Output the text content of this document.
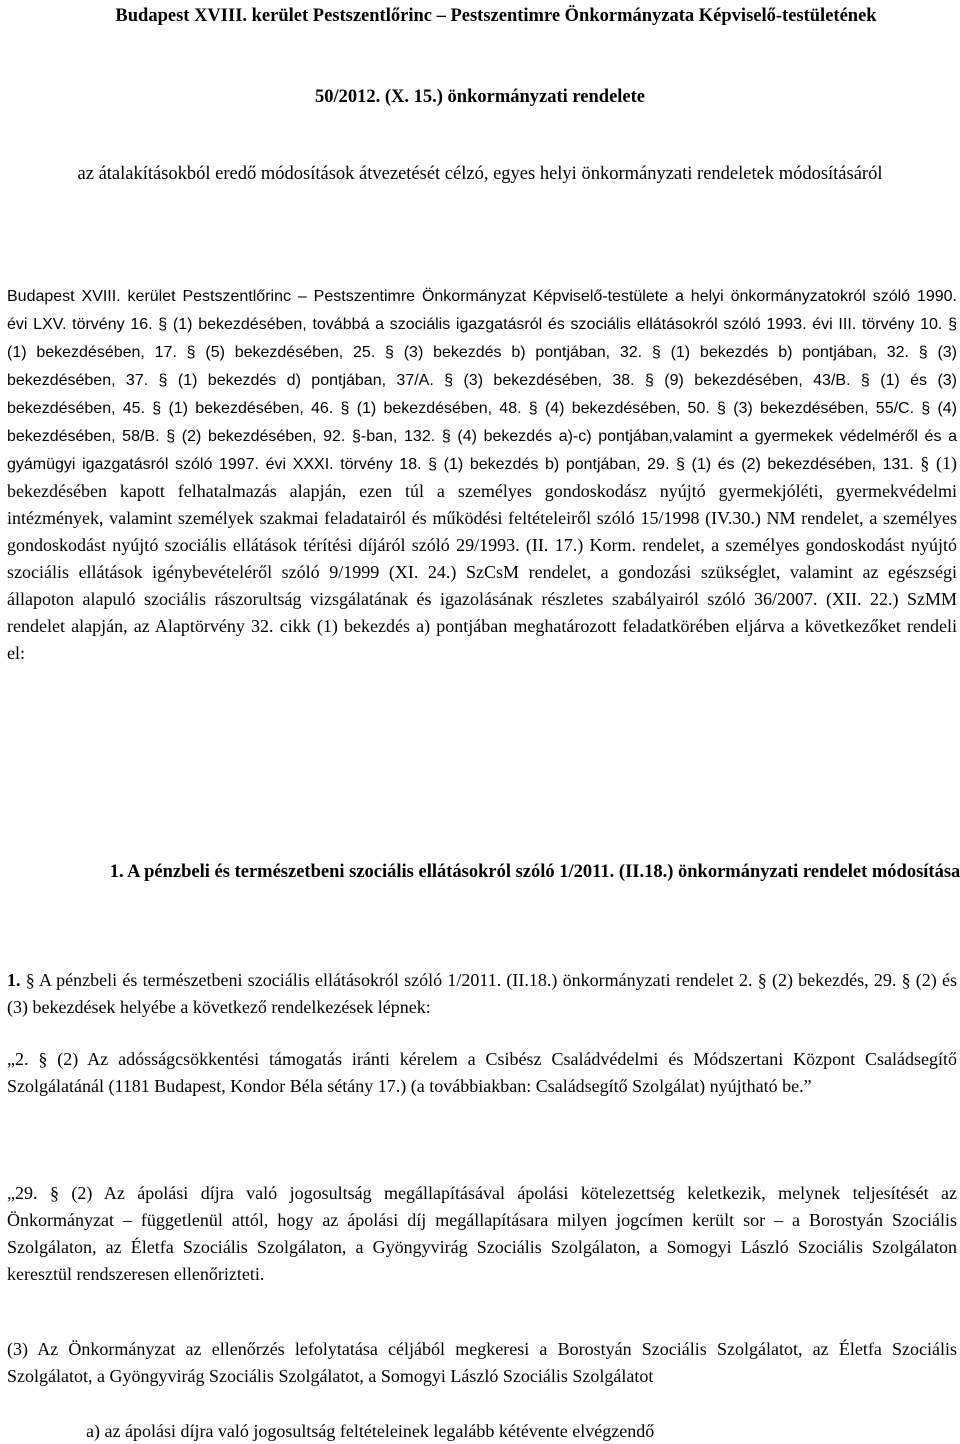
Budapest XVIII. kerület Pestszentlőrinc – Pestszentimre Önkormányzata Képviselő-testületének
50/2012. (X. 15.) önkormányzati rendelete
az átalakításokból eredő módosítások átvezetését célzó, egyes helyi önkormányzati rendeletek módosításáról
Budapest XVIII. kerület Pestszentlőrinc – Pestszentimre Önkormányzat Képviselő-testülete a helyi önkormányzatokról szóló 1990. évi LXV. törvény 16. § (1) bekezdésében, továbbá a szociális igazgatásról és szociális ellátásokról szóló 1993. évi III. törvény 10. § (1) bekezdésében, 17. § (5) bekezdésében, 25. § (3) bekezdés b) pontjában, 32. § (1) bekezdés b) pontjában, 32. § (3) bekezdésében, 37. § (1) bekezdés d) pontjában, 37/A. § (3) bekezdésében, 38. § (9) bekezdésében, 43/B. § (1) és (3) bekezdésében, 45. § (1) bekezdésében, 46. § (1) bekezdésében, 48. § (4) bekezdésében, 50. § (3) bekezdésében, 55/C. § (4) bekezdésében, 58/B. § (2) bekezdésében, 92. §-ban, 132. § (4) bekezdés a)-c) pontjában,valamint a gyermekek védelméről és a gyámügyi igazgatásról szóló 1997. évi XXXI. törvény 18. § (1) bekezdés b) pontjában, 29. § (1) és (2) bekezdésében, 131. § (1) bekezdésében kapott felhatalmazás alapján, ezen túl a személyes gondoskodász nyújtó gyermekjóléti, gyermekvédelmi intézmények, valamint személyek szakmai feladatairól és működési feltételeiről szóló 15/1998 (IV.30.) NM rendelet, a személyes gondoskodást nyújtó szociális ellátások térítési díjáról szóló 29/1993. (II. 17.) Korm. rendelet, a személyes gondoskodást nyújtó szociális ellátások igénybevételéről szóló 9/1999 (XI. 24.) SzCsM rendelet, a gondozási szükséglet, valamint az egészségi állapoton alapuló szociális rászorultság vizsgálatának és igazolásának részletes szabályairól szóló 36/2007. (XII. 22.) SzMM rendelet alapján, az Alaptörvény 32. cikk (1) bekezdés a) pontjában meghatározott feladatkörében eljárva a következőket rendeli el:
1. A pénzbeli és természetbeni szociális ellátásokról szóló 1/2011. (II.18.) önkormányzati rendelet módosítása
1. § A pénzbeli és természetbeni szociális ellátásokról szóló 1/2011. (II.18.) önkormányzati rendelet 2. § (2) bekezdés, 29. § (2) és (3) bekezdések helyébe a következő rendelkezések lépnek:
„2. § (2) Az adósságcsökkentési támogatás iránti kérelem a Csibész Családvédelmi és Módszertani Központ Családsegítő Szolgálatánál (1181 Budapest, Kondor Béla sétány 17.) (a továbbiakban: Családsegítő Szolgálat) nyújtható be.”
„29. § (2) Az ápolási díjra való jogosultság megállapításával ápolási kötelezettség keletkezik, melynek teljesítését az Önkormányzat – függetlenül attól, hogy az ápolási díj megállapításara milyen jogcímen került sor – a Borostyán Szociális Szolgálaton, az Életfa Szociális Szolgálaton, a Gyöngyvirág Szociális Szolgálaton, a Somogyi László Szociális Szolgálaton keresztül rendszeresen ellenőrizteti.
(3) Az Önkormányzat az ellenőrzés lefolytatása céljából megkeresi a Borostyán Szociális Szolgálatot, az Életfa Szociális Szolgálatot, a Gyöngyvirág Szociális Szolgálatot, a Somogyi László Szociális Szolgálatot
a) az ápolási díjra való jogosultság feltételeinek legalább kétévente elvégzendő
